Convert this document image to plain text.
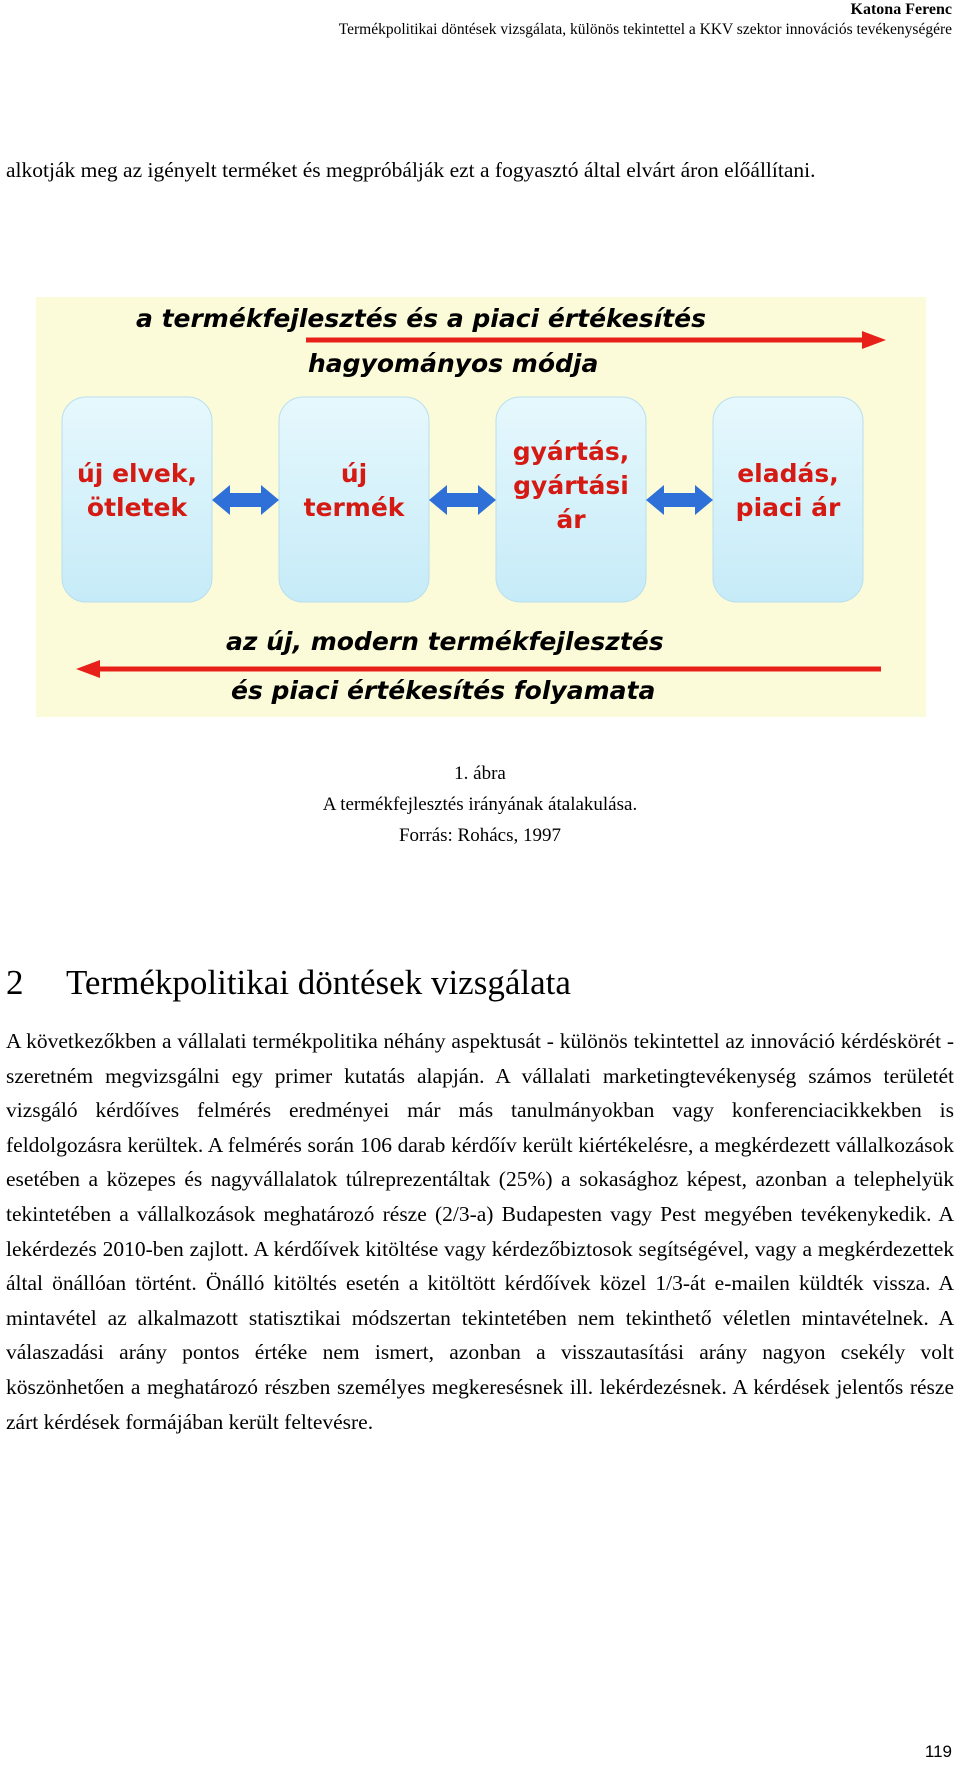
Katona Ferenc
Termékpolitikai döntések vizsgálata, különös tekintettel a KKV szektor innovációs tevékenységére
alkotják meg az igényelt terméket és megpróbálják ezt a fogyasztó által elvárt áron előállítani.
a termékfejlesztés és a piaci értékesítés
hagyományos módja
új elvek,
ötletek
új
termék
gyártás,
gyártási
ár
eladás,
piaci ár
az új, modern termékfejlesztés
és piaci értékesítés folyamata
1. ábra
A termékfejlesztés irányának átalakulása.
Forrás: Rohács, 1997
2 Termékpolitikai döntések vizsgálata

A következőkben a vállalati termékpolitika néhány aspektusát - különös tekintettel az innováció kérdéskörét - szeretném megvizsgálni egy primer kutatás alapján. A vállalati marketingtevékenység számos területét vizsgáló kérdőíves felmérés eredményei már más tanulmányokban vagy konferenciacikkekben is feldolgozásra kerültek. A felmérés során 106 darab kérdőív került kiértékelésre, a megkérdezett vállalkozások esetében a közepes és nagyvállalatok túlreprezentáltak (25%) a sokasághoz képest, azonban a telephelyük tekintetében a vállalkozások meghatározó része (2/3-a) Budapesten vagy Pest megyében tevékenykedik. A lekérdezés 2010-ben zajlott. A kérdőívek kitöltése vagy kérdezőbiztosok segítségével, vagy a megkérdezettek által önállóan történt. Önálló kitöltés esetén a kitöltött kérdőívek közel 1/3-át e-mailen küldték vissza. A mintavétel az alkalmazott statisztikai módszertan tekintetében nem tekinthető véletlen mintavételnek. A válaszadási arány pontos értéke nem ismert, azonban a visszautasítási arány nagyon csekély volt köszönhetően a meghatározó részben személyes megkeresésnek ill. lekérdezésnek. A kérdések jelentős része zárt kérdések formájában került feltevésre.

119
